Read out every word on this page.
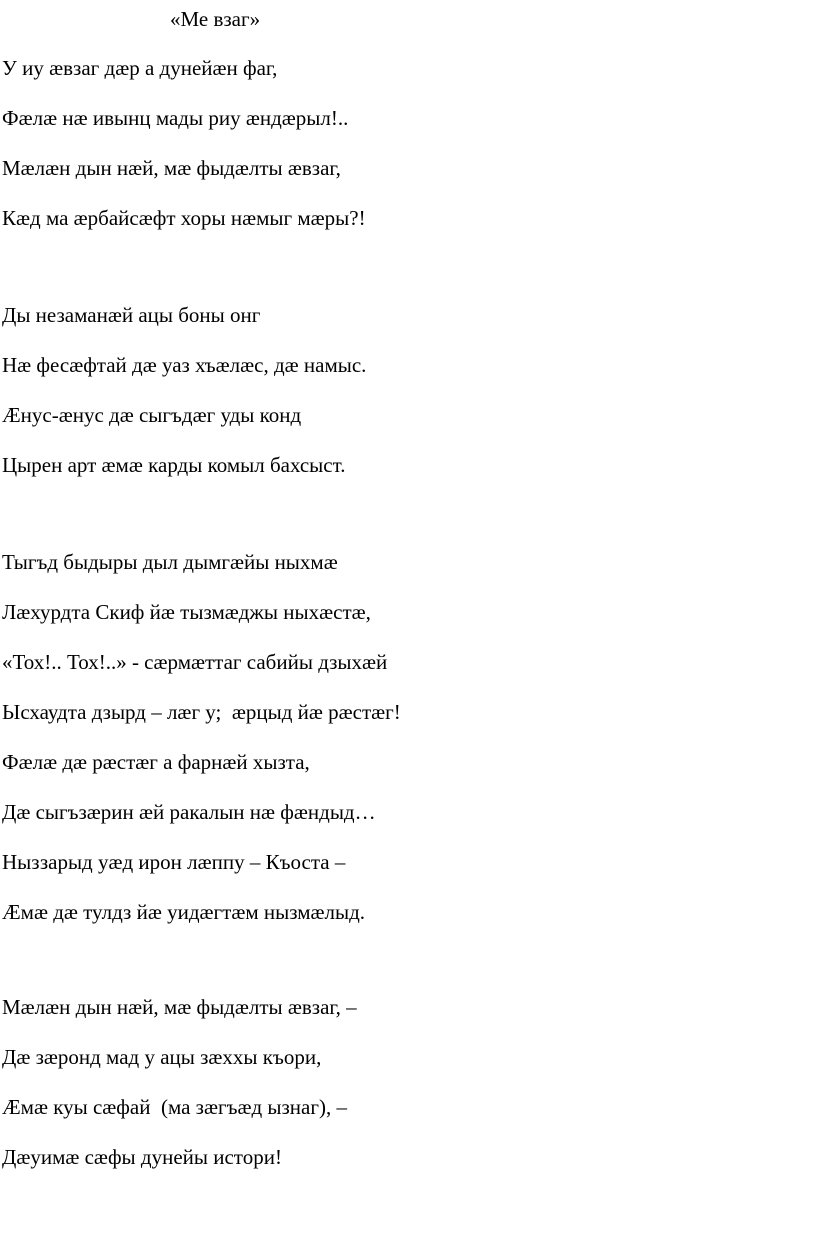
«Ме взаг»
У иу æвзаг дæр а дунейæн фаг,
Фæлæ нæ ивынц мады риу æндæрыл!..
Мæлæн дын нæй, мæ фыдæлты æвзаг,
Кæд ма æрбайсæфт хоры нæмыг мæры?!
Ды незаманæй ацы боны онг
Нæ фесæфтай дæ уаз хъæлæс, дæ намыс.
Æнус-æнус дæ сыгъдæг уды конд
Цырен арт æмæ карды комыл бахсыст.
Тыгъд быдыры дыл дымгæйы ныхмæ
Лæхурдта Скиф йæ тызмæджы ныхæстæ,
«Тох!.. Тох!..» - сæрмæттаг сабийы дзыхæй
Ысхаудта дзырд – лæг у;  æрцыд йæ рæстæг!
Фæлæ дæ рæстæг а фарнæй хызта,
Дæ сыгъзæрин æй ракалын нæ фæндыд…
Ныззарыд уæд ирон лæппу – Къоста –
Æмæ дæ тулдз йæ уидæгтæм нызмæлыд.
Мæлæн дын нæй, мæ фыдæлты æвзаг, –
Дæ зæронд мад у ацы зæххы къори,
Æмæ куы сæфай  (ма зæгъæд ызнаг), –
Дæуимæ сæфы дунейы истори!
